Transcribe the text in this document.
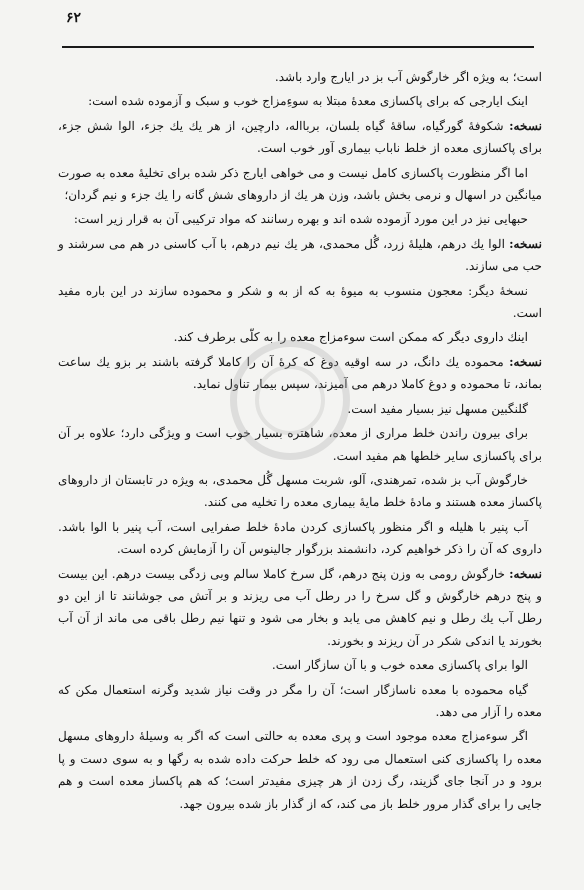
۶۲

است؛ به ویژه اگر خارگوش آب بز در ایارج وارد باشد.

اینک ایارجی که برای پاکسازی معدهٔ مبتلا به سوءِمزاج خوب و سبک و آزموده شده است:

نسخه: شکوفهٔ گورگیاه، ساقهٔ گیاه بلسان، بربااله، دارچین، از هر یك یك جزء، الوا شش جزء، برای پاکسازی معده از خلط ناباب بیماری آور خوب است.

اما اگر منظورت پاکسازی کامل نیست و می خواهی ایارج ذکر شده برای تخلیهٔ معده به صورت میانگین در اسهال و نرمی بخش باشد، وزن هر یك از داروهای شش گانه را یك جزء و نیم گردان؛

حبهایی نیز در این مورد آزموده شده اند و بهره رسانند که مواد ترکیبی آن به قرار زیر است:

نسخه: الوا یك درهم، هلیلهٔ زرد، گُل محمدی، هر یك نیم درهم، با آب کاسنی در هم می سرشند و حب می سازند.

نسخهٔ دیگر: معجون منسوب به میوهٔ به که از به و شکر و محموده سازند در این باره مفید است.

اینك داروی دیگر که ممکن است سوءمزاج معده را به کلّی برطرف کند.

نسخه: محموده یك دانگ، در سه اوقیه دوغ که کرهٔ آن را کاملا گرفته باشند بر بزو یك ساعت بماند، تا محموده و دوغ کاملا درهم می آمیزند، سپس بیمار تناول نماید.

گلنگبین مسهل نیز بسیار مفید است.

برای بیرون راندن خلط مراری از معده، شاهتره بسیار خوب است و ویژگی دارد؛ علاوه بر آن برای پاکسازی سایر خلطها هم مفید است.

خارگوش آب بز شده، تمرهندی، آلو، شربت مسهل گُل محمدی، به ویژه در تابستان از داروهای پاکساز معده هستند و مادهٔ خلط مایهٔ بیماری معده را تخلیه می کنند.

آب پنیر با هلیله و اگر منظور پاکسازی کردن مادهٔ خلط صفرایی است، آب پنیر با الوا باشد. داروی که آن را ذکر خواهیم کرد، دانشمند بزرگوار جالینوس آن را آزمایش کرده است.

نسخه: خارگوش رومی به وزن پنج درهم، گل سرخ کاملا سالم وبی زدگی بیست درهم. این بیست و پنج درهم خارگوش و گل سرخ را در رطل آب می ریزند و بر آتش می جوشانند تا از این دو رطل آب یك رطل و نیم کاهش می یابد و بخار می شود و تنها نیم رطل باقی می ماند از آن آب بخورند یا اندکی شکر در آن ریزند و بخورند.

الوا برای پاکسازی معده خوب و با آن سازگار است.

گیاه محموده با معده ناسازگار است؛ آن را مگر در وقت نیاز شدید وگرنه استعمال مکن که معده را آزار می دهد.

اگر سوءمزاج معده موجود است و پری معده به حالتی است که اگر به وسیلهٔ داروهای مسهل معده را پاکسازی کنی استعمال می رود که خلط حرکت داده شده به رگها و به سوی دست و پا برود و در آنجا جای گزیند، رگ زدن از هر چیزی مفیدتر است؛ که هم پاکساز معده است و هم جایی را برای گذار مرور خلط باز می کند، که از گذار باز شده بیرون جهد.
